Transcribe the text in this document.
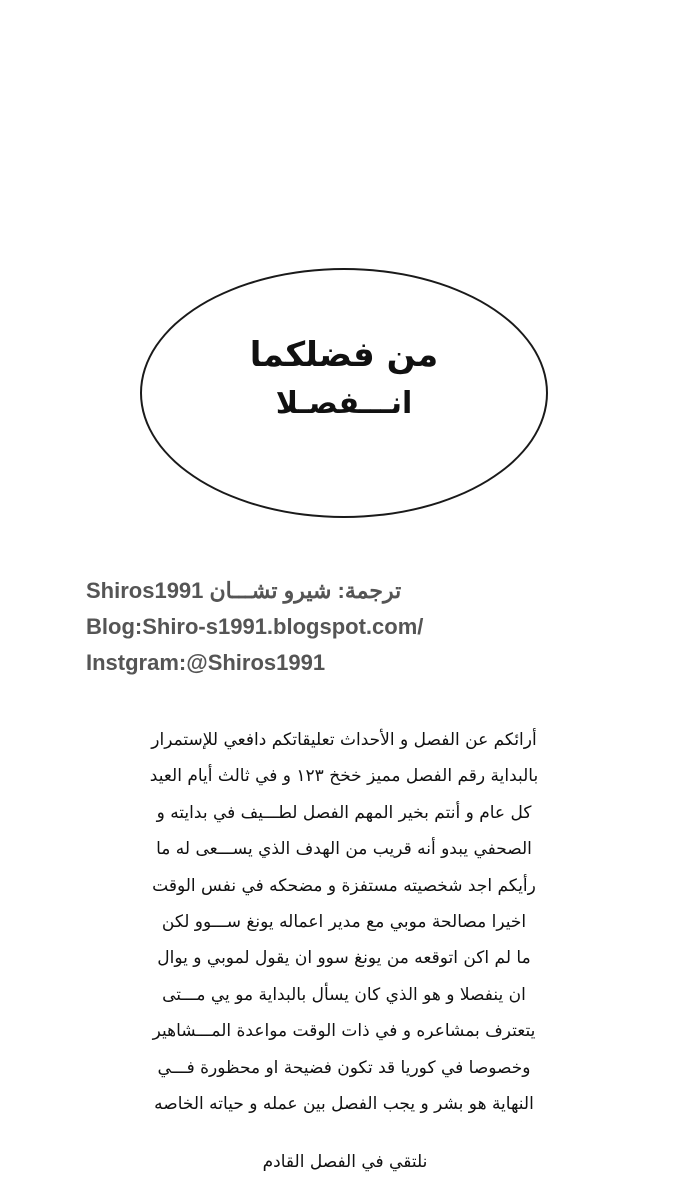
من فضلكما
انـــفصـلا
ترجمة: شيرو تشـــان Shiros1991
Blog:Shiro-s1991.blogspot.com/
Instgram:@Shiros1991
أرائكم عن الفصل و الأحداث تعليقاتكم دافعي للإستمرار
بالبداية رقم الفصل مميز خخخ ١٢٣ و في ثالث أيام العيد
كل عام و أنتم بخير المهم الفصل لطـــيف في بدايته و
الصحفي يبدو أنه قريب من الهدف الذي يســـعى له ما
رأيكم اجد شخصيته مستفزة و مضحكه في نفس الوقت
اخيرا مصالحة موبي مع مدير اعماله يونغ ســـوو لكن
ما لم اكن اتوقعه من يونغ سوو ان يقول لموبي و يوال
ان ينفصلا و هو الذي كان يسأل بالبداية مو يي مـــتى
يتعترف بمشاعره و في ذات الوقت مواعدة المـــشاهير
وخصوصا في كوريا قد تكون فضيحة او محظورة فـــي
النهاية هو بشر و يجب الفصل بين عمله و حياته الخاصه
نلتقي في الفصل القادم
